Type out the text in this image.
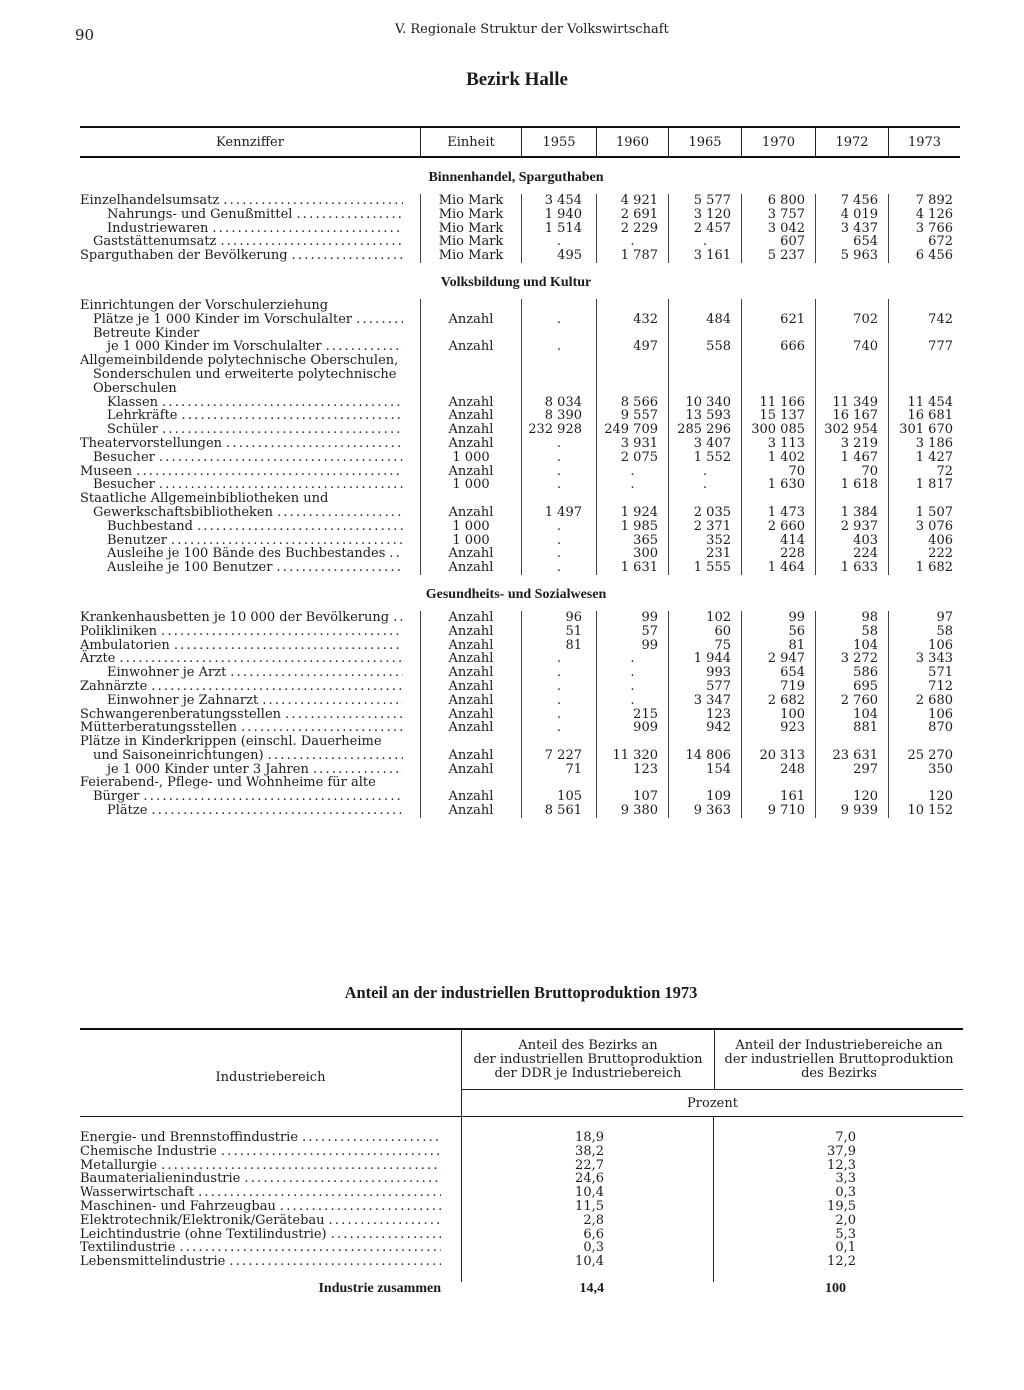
90	V. Regionale Struktur der Volkswirtschaft
Bezirk Halle
Kennziffer	Einheit	1955	1960	1965	1970	1972	1973
Binnenhandel, Sparguthaben
Einzelhandelsumsatz .....	Mio Mark	3 454	4 921	5 577	6 800	7 456	7 892
Nahrungs- und Genußmittel .....	Mio Mark	1 940	2 691	3 120	3 757	4 019	4 126
Industriewaren .....	Mio Mark	1 514	2 229	2 457	3 042	3 437	3 766
Gaststättenumsatz .....	Mio Mark	.	.	.	607	654	672
Sparguthaben der Bevölkerung .....	Mio Mark	495	1 787	3 161	5 237	5 963	6 456
Volksbildung und Kultur
Einrichtungen der Vorschulerziehung
Plätze je 1 000 Kinder im Vorschulalter .....	Anzahl	.	432	484	621	702	742
Betreute Kinder
je 1 000 Kinder im Vorschulalter .....	Anzahl	.	497	558	666	740	777
Allgemeinbildende polytechnische Oberschulen,
Sonderschulen und erweiterte polytechnische
Oberschulen
Klassen .....	Anzahl	8 034	8 566	10 340	11 166	11 349	11 454
Lehrkräfte .....	Anzahl	8 390	9 557	13 593	15 137	16 167	16 681
Schüler .....	Anzahl	232 928	249 709	285 296	300 085	302 954	301 670
Theatervorstellungen .....	Anzahl	.	3 931	3 407	3 113	3 219	3 186
Besucher .....	1 000	.	2 075	1 552	1 402	1 467	1 427
Museen .....	Anzahl	.	.	.	70	70	72
Besucher .....	1 000	.	.	.	1 630	1 618	1 817
Staatliche Allgemeinbibliotheken und
Gewerkschaftsbibliotheken .....	Anzahl	1 497	1 924	2 035	1 473	1 384	1 507
Buchbestand .....	1 000	.	1 985	2 371	2 660	2 937	3 076
Benutzer .....	1 000	.	365	352	414	403	406
Ausleihe je 100 Bände des Buchbestandes .....	Anzahl	.	300	231	228	224	222
Ausleihe je 100 Benutzer .....	Anzahl	.	1 631	1 555	1 464	1 633	1 682
Gesundheits- und Sozialwesen
Krankenhausbetten je 10 000 der Bevölkerung .....	Anzahl	96	99	102	99	98	97
Polikliniken .....	Anzahl	51	57	60	56	58	58
Ambulatorien .....	Anzahl	81	99	75	81	104	106
Ärzte .....	Anzahl	.	.	1 944	2 947	3 272	3 343
Einwohner je Arzt .....	Anzahl	.	.	993	654	586	571
Zahnärzte .....	Anzahl	.	.	577	719	695	712
Einwohner je Zahnarzt .....	Anzahl	.	.	3 347	2 682	2 760	2 680
Schwangerenberatungsstellen .....	Anzahl	.	215	123	100	104	106
Mütterberatungsstellen .....	Anzahl	.	909	942	923	881	870
Plätze in Kinderkrippen (einschl. Dauerheime
und Saisoneinrichtungen) .....	Anzahl	7 227	11 320	14 806	20 313	23 631	25 270
je 1 000 Kinder unter 3 Jahren .....	Anzahl	71	123	154	248	297	350
Feierabend-, Pflege- und Wohnheime für alte
Bürger .....	Anzahl	105	107	109	161	120	120
Plätze .....	Anzahl	8 561	9 380	9 363	9 710	9 939	10 152
Anteil an der industriellen Bruttoproduktion 1973
Industriebereich
Anteil des Bezirks an
der industriellen Bruttoproduktion
der DDR je Industriebereich
Anteil der Industriebereiche an
der industriellen Bruttoproduktion
des Bezirks
Prozent
Energie- und Brennstoffindustrie .....	18,9	7,0
Chemische Industrie .....	38,2	37,9
Metallurgie .....	22,7	12,3
Baumaterialienindustrie .....	24,6	3,3
Wasserwirtschaft .....	10,4	0,3
Maschinen- und Fahrzeugbau .....	11,5	19,5
Elektrotechnik/Elektronik/Gerätebau .....	2,8	2,0
Leichtindustrie (ohne Textilindustrie) .....	6,6	5,3
Textilindustrie .....	0,3	0,1
Lebensmittelindustrie .....	10,4	12,2
Industrie zusammen	14,4	100
